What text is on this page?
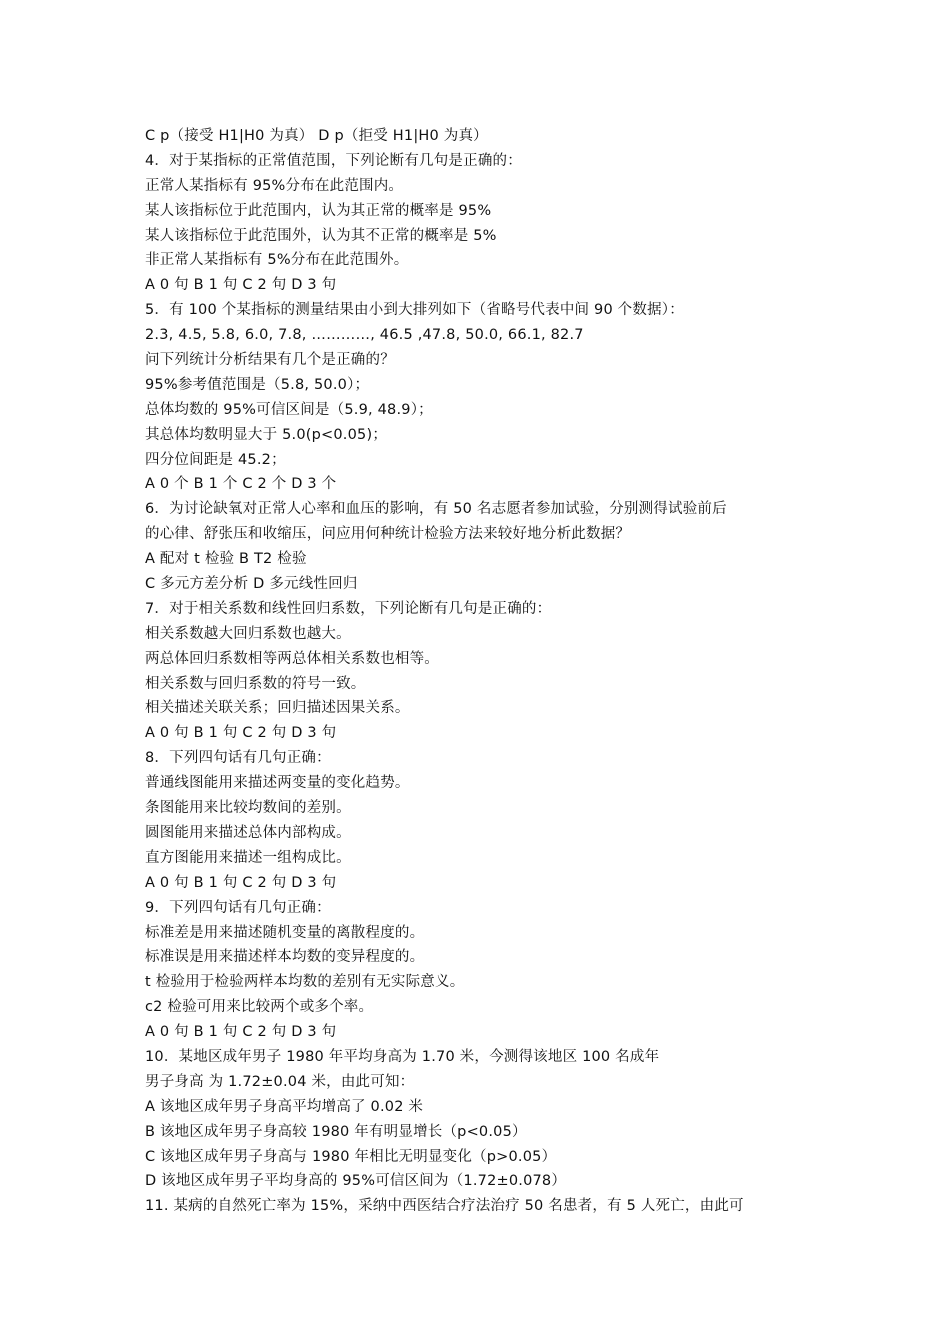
C p（接受 H1|H0 为真） D p（拒受 H1|H0 为真）
4．对于某指标的正常值范围，下列论断有几句是正确的：
正常人某指标有 95%分布在此范围内。
某人该指标位于此范围内，认为其正常的概率是 95%
某人该指标位于此范围外，认为其不正常的概率是 5%
非正常人某指标有 5%分布在此范围外。
A 0 句 B 1 句 C 2 句 D 3 句
5．有 100 个某指标的测量结果由小到大排列如下（省略号代表中间 90 个数据）：
2.3, 4.5, 5.8, 6.0, 7.8, …………, 46.5 ,47.8, 50.0, 66.1, 82.7
问下列统计分析结果有几个是正确的？
95%参考值范围是（5.8, 50.0）；
总体均数的 95%可信区间是（5.9, 48.9）；
其总体均数明显大于 5.0(p<0.05)；
四分位间距是 45.2；
A 0 个 B 1 个 C 2 个 D 3 个
6．为讨论缺氧对正常人心率和血压的影响，有 50 名志愿者参加试验，分别测得试验前后
的心律、舒张压和收缩压，问应用何种统计检验方法来较好地分析此数据？
A 配对 t 检验 B T2 检验
C 多元方差分析 D 多元线性回归
7．对于相关系数和线性回归系数，下列论断有几句是正确的：
相关系数越大回归系数也越大。
两总体回归系数相等两总体相关系数也相等。
相关系数与回归系数的符号一致。
相关描述关联关系；回归描述因果关系。
A 0 句 B 1 句 C 2 句 D 3 句
8．下列四句话有几句正确：
普通线图能用来描述两变量的变化趋势。
条图能用来比较均数间的差别。
圆图能用来描述总体内部构成。
直方图能用来描述一组构成比。
A 0 句 B 1 句 C 2 句 D 3 句
9．下列四句话有几句正确：
标准差是用来描述随机变量的离散程度的。
标准误是用来描述样本均数的变异程度的。
t 检验用于检验两样本均数的差别有无实际意义。
c2 检验可用来比较两个或多个率。
A 0 句 B 1 句 C 2 句 D 3 句
10．某地区成年男子 1980 年平均身高为 1.70 米，今测得该地区 100 名成年
男子身高 为 1.72±0.04 米，由此可知：
A 该地区成年男子身高平均增高了 0.02 米
B 该地区成年男子身高较 1980 年有明显增长（p<0.05）
C 该地区成年男子身高与 1980 年相比无明显变化（p>0.05）
D 该地区成年男子平均身高的 95%可信区间为（1.72±0.078）
11. 某病的自然死亡率为 15%，采纳中西医结合疗法治疗 50 名患者，有 5 人死亡，由此可
